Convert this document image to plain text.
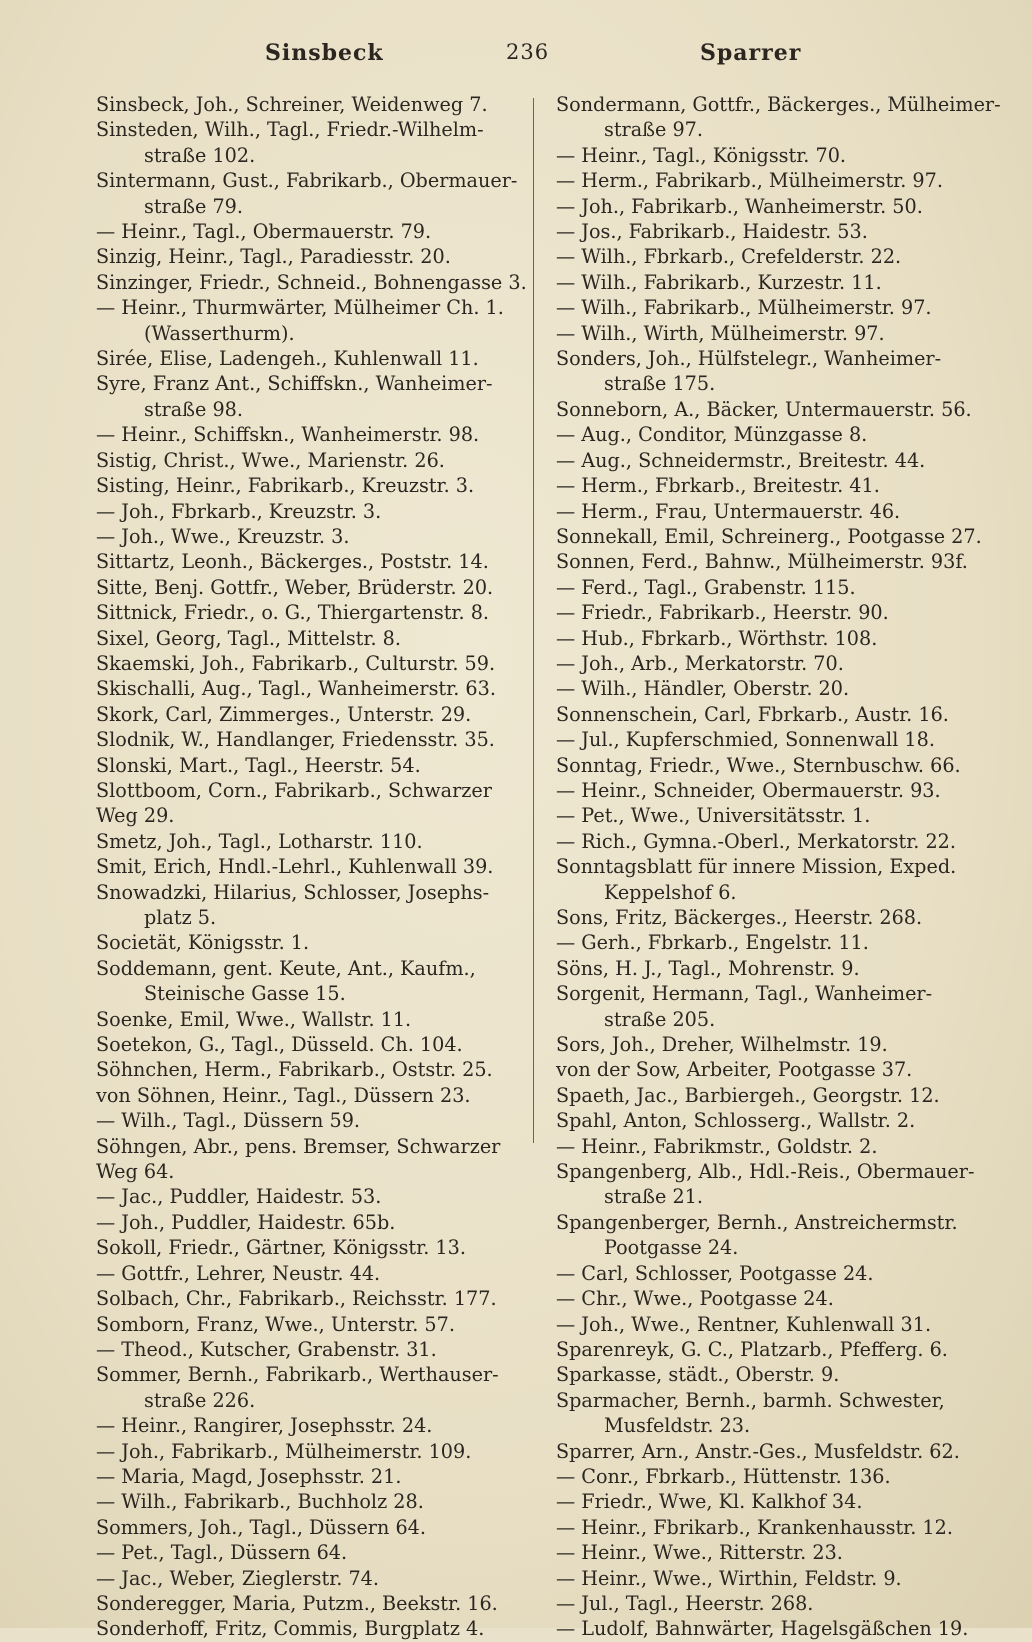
Sinsbeck	236	Sparrer
Sinsbeck, Joh., Schreiner, Weidenweg 7.
Sinsteden, Wilh., Tagl., Friedr.-Wilhelm-
straße 102.
Sintermann, Gust., Fabrikarb., Obermauer-
straße 79.
— Heinr., Tagl., Obermauerstr. 79.
Sinzig, Heinr., Tagl., Paradiesstr. 20.
Sinzinger, Friedr., Schneid., Bohnengasse 3.
— Heinr., Thurmwärter, Mülheimer Ch. 1.
(Wasserthurm).
Sirée, Elise, Ladengeh., Kuhlenwall 11.
Syre, Franz Ant., Schiffskn., Wanheimer-
straße 98.
— Heinr., Schiffskn., Wanheimerstr. 98.
Sistig, Christ., Wwe., Marienstr. 26.
Sisting, Heinr., Fabrikarb., Kreuzstr. 3.
— Joh., Fbrkarb., Kreuzstr. 3.
— Joh., Wwe., Kreuzstr. 3.
Sittartz, Leonh., Bäckerges., Poststr. 14.
Sitte, Benj. Gottfr., Weber, Brüderstr. 20.
Sittnick, Friedr., o. G., Thiergartenstr. 8.
Sixel, Georg, Tagl., Mittelstr. 8.
Skaemski, Joh., Fabrikarb., Culturstr. 59.
Skischalli, Aug., Tagl., Wanheimerstr. 63.
Skork, Carl, Zimmerges., Unterstr. 29.
Slodnik, W., Handlanger, Friedensstr. 35.
Slonski, Mart., Tagl., Heerstr. 54.
Slottboom, Corn., Fabrikarb., Schwarzer
Weg 29.
Smetz, Joh., Tagl., Lotharstr. 110.
Smit, Erich, Hndl.-Lehrl., Kuhlenwall 39.
Snowadzki, Hilarius, Schlosser, Josephs-
platz 5.
Societät, Königsstr. 1.
Soddemann, gent. Keute, Ant., Kaufm.,
Steinische Gasse 15.
Soenke, Emil, Wwe., Wallstr. 11.
Soetekon, G., Tagl., Düsseld. Ch. 104.
Söhnchen, Herm., Fabrikarb., Oststr. 25.
von Söhnen, Heinr., Tagl., Düssern 23.
— Wilh., Tagl., Düssern 59.
Söhngen, Abr., pens. Bremser, Schwarzer
Weg 64.
— Jac., Puddler, Haidestr. 53.
— Joh., Puddler, Haidestr. 65b.
Sokoll, Friedr., Gärtner, Königsstr. 13.
— Gottfr., Lehrer, Neustr. 44.
Solbach, Chr., Fabrikarb., Reichsstr. 177.
Somborn, Franz, Wwe., Unterstr. 57.
— Theod., Kutscher, Grabenstr. 31.
Sommer, Bernh., Fabrikarb., Werthauser-
straße 226.
— Heinr., Rangirer, Josephsstr. 24.
— Joh., Fabrikarb., Mülheimerstr. 109.
— Maria, Magd, Josephsstr. 21.
— Wilh., Fabrikarb., Buchholz 28.
Sommers, Joh., Tagl., Düssern 64.
— Pet., Tagl., Düssern 64.
— Jac., Weber, Zieglerstr. 74.
Sonderegger, Maria, Putzm., Beekstr. 16.
Sonderhoff, Fritz, Commis, Burgplatz 4.
Sondermann, Gottfr., Bäckerges., Mülheimer-
straße 97.
— Heinr., Tagl., Königsstr. 70.
— Herm., Fabrikarb., Mülheimerstr. 97.
— Joh., Fabrikarb., Wanheimerstr. 50.
— Jos., Fabrikarb., Haidestr. 53.
— Wilh., Fbrkarb., Crefelderstr. 22.
— Wilh., Fabrikarb., Kurzestr. 11.
— Wilh., Fabrikarb., Mülheimerstr. 97.
— Wilh., Wirth, Mülheimerstr. 97.
Sonders, Joh., Hülfstelegr., Wanheimer-
straße 175.
Sonneborn, A., Bäcker, Untermauerstr. 56.
— Aug., Conditor, Münzgasse 8.
— Aug., Schneidermstr., Breitestr. 44.
— Herm., Fbrkarb., Breitestr. 41.
— Herm., Frau, Untermauerstr. 46.
Sonnekall, Emil, Schreinerg., Pootgasse 27.
Sonnen, Ferd., Bahnw., Mülheimerstr. 93f.
— Ferd., Tagl., Grabenstr. 115.
— Friedr., Fabrikarb., Heerstr. 90.
— Hub., Fbrkarb., Wörthstr. 108.
— Joh., Arb., Merkatorstr. 70.
— Wilh., Händler, Oberstr. 20.
Sonnenschein, Carl, Fbrkarb., Austr. 16.
— Jul., Kupferschmied, Sonnenwall 18.
Sonntag, Friedr., Wwe., Sternbuschw. 66.
— Heinr., Schneider, Obermauerstr. 93.
— Pet., Wwe., Universitätsstr. 1.
— Rich., Gymna.-Oberl., Merkatorstr. 22.
Sonntagsblatt für innere Mission, Exped.
Keppelshof 6.
Sons, Fritz, Bäckerges., Heerstr. 268.
— Gerh., Fbrkarb., Engelstr. 11.
Söns, H. J., Tagl., Mohrenstr. 9.
Sorgenit, Hermann, Tagl., Wanheimer-
straße 205.
Sors, Joh., Dreher, Wilhelmstr. 19.
von der Sow, Arbeiter, Pootgasse 37.
Spaeth, Jac., Barbiergeh., Georgstr. 12.
Spahl, Anton, Schlosserg., Wallstr. 2.
— Heinr., Fabrikmstr., Goldstr. 2.
Spangenberg, Alb., Hdl.-Reis., Obermauer-
straße 21.
Spangenberger, Bernh., Anstreichermstr.
Pootgasse 24.
— Carl, Schlosser, Pootgasse 24.
— Chr., Wwe., Pootgasse 24.
— Joh., Wwe., Rentner, Kuhlenwall 31.
Sparenreyk, G. C., Platzarb., Pfefferg. 6.
Sparkasse, städt., Oberstr. 9.
Sparmacher, Bernh., barmh. Schwester,
Musfeldstr. 23.
Sparrer, Arn., Anstr.-Ges., Musfeldstr. 62.
— Conr., Fbrkarb., Hüttenstr. 136.
— Friedr., Wwe, Kl. Kalkhof 34.
— Heinr., Fbrikarb., Krankenhausstr. 12.
— Heinr., Wwe., Ritterstr. 23.
— Heinr., Wwe., Wirthin, Feldstr. 9.
— Jul., Tagl., Heerstr. 268.
— Ludolf, Bahnwärter, Hagelsgäßchen 19.
